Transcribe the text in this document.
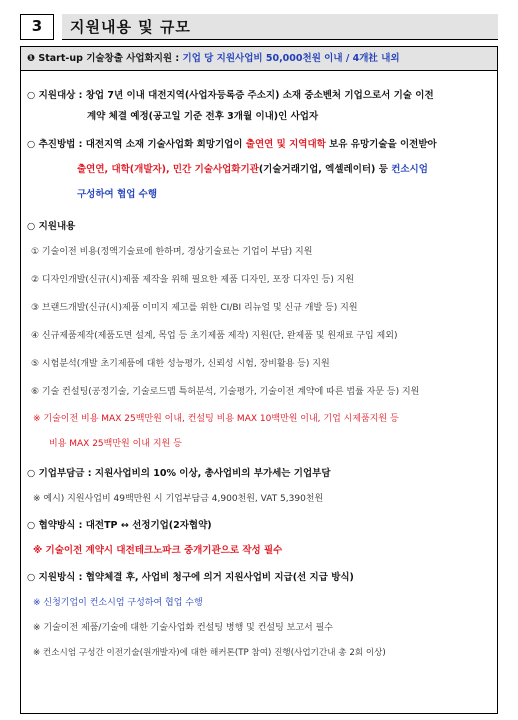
3	지원내용 및 규모
❶ Start-up 기술창출 사업화지원 : 기업 당 지원사업비 50,000천원 이내 / 4개社 내외
○ 지원대상 : 창업 7년 이내 대전지역(사업자등록증 주소지) 소재 중소벤처 기업으로서 기술 이전
계약 체결 예정(공고일 기준 전후 3개월 이내)인 사업자
○ 추진방법 : 대전지역 소재 기술사업화 희망기업이 출연연 및 지역대학 보유 유망기술을 이전받아
출연연, 대학(개발자), 민간 기술사업화기관(기술거래기업, 엑셀레이터) 등 컨소시엄
구성하여 협업 수행
○ 지원내용
① 기술이전 비용(정액기술료에 한하며, 경상기술료는 기업이 부담) 지원
② 디자인개발(신규(시)제품 제작을 위해 필요한 제품 디자인, 포장 디자인 등) 지원
③ 브랜드개발(신규(시)제품 이미지 제고를 위한 CI/BI 리뉴얼 및 신규 개발 등) 지원
④ 신규제품제작(제품도면 설계, 목업 등 초기제품 제작) 지원(단, 완제품 및 원재료 구입 제외)
⑤ 시험분석(개발 초기제품에 대한 성능평가, 신뢰성 시험, 장비활용 등) 지원
⑥ 기술 컨설팅(공정기술, 기술로드맵 특허분석, 기술평가, 기술이전 계약에 따른 법률 자문 등) 지원
※ 기술이전 비용 MAX 25백만원 이내, 컨설팅 비용 MAX 10백만원 이내, 기업 시제품지원 등
비용 MAX 25백만원 이내 지원 등
○ 기업부담금 : 지원사업비의 10% 이상, 총사업비의 부가세는 기업부담
※ 예시) 지원사업비 49백만원 시 기업부담금 4,900천원, VAT 5,390천원
○ 협약방식 : 대전TP ↔ 선정기업(2자협약)
※ 기술이전 계약시 대전테크노파크 중개기관으로 작성 필수
○ 지원방식 : 협약체결 후, 사업비 청구에 의거 지원사업비 지급(선 지급 방식)
※ 신청기업이 컨소시엄 구성하여 협업 수행
※ 기술이전 제품/기술에 대한 기술사업화 컨설팅 병행 및 컨설팅 보고서 필수
※ 컨소시엄 구성간 이전기술(원개발자)에 대한 해커톤(TP 참여) 진행(사업기간내 총 2회 이상)
